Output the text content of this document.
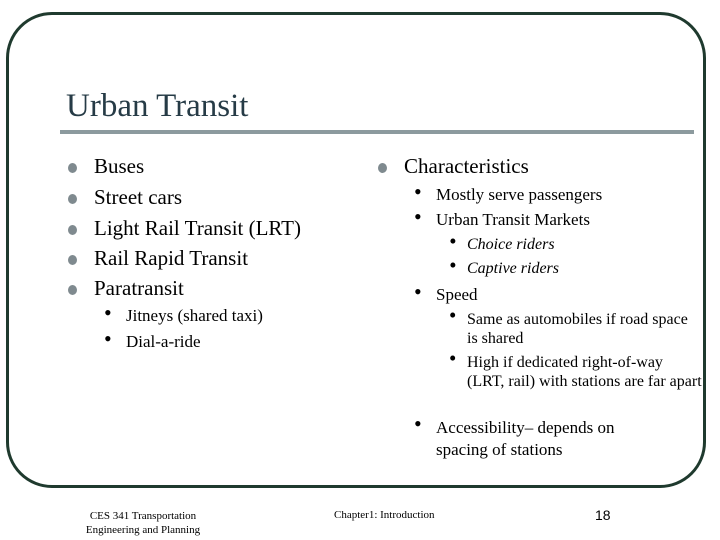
Urban Transit
Buses
Street cars
Light Rail Transit (LRT)
Rail Rapid Transit
Paratransit
• Jitneys (shared taxi)
• Dial-a-ride
Characteristics
• Mostly serve passengers
• Urban Transit Markets
• Choice riders
• Captive riders
• Speed
• Same as automobiles if road space is shared
• High if dedicated right-of-way (LRT, rail) with stations are far apart
• Accessibility– depends on spacing of stations
CES 341 Transportation
Engineering and Planning
Chapter1: Introduction	18
